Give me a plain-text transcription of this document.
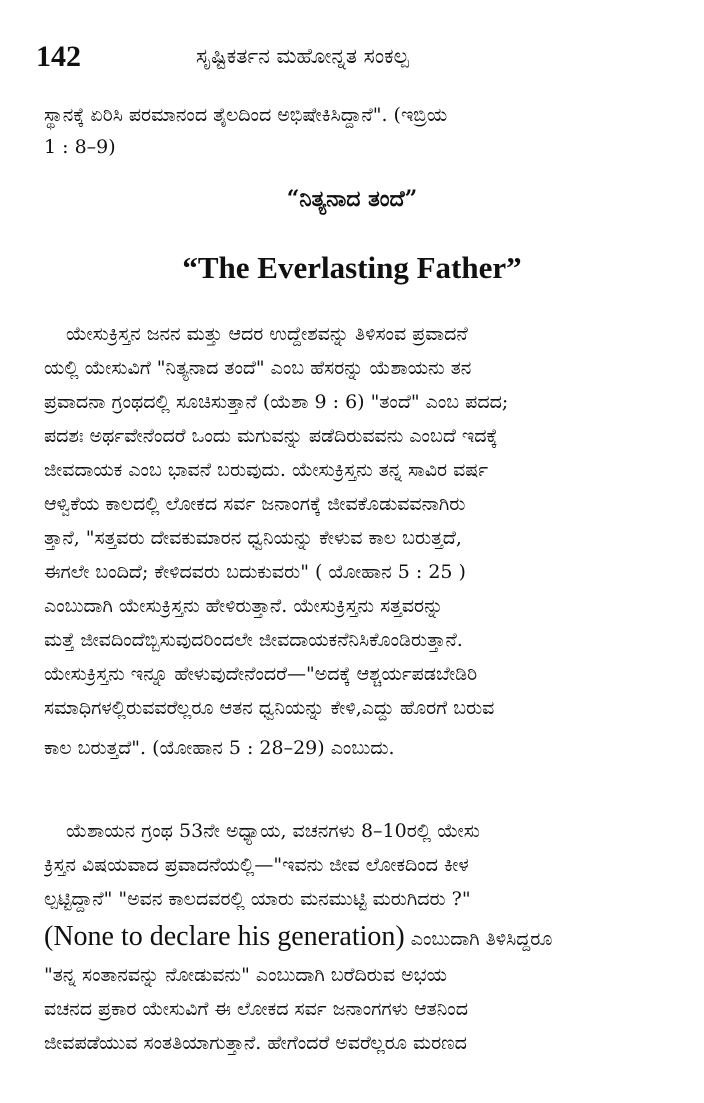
142	ಸೃಷ್ಟಿಕರ್ತನ ಮಹೋನ್ನತ ಸಂಕಲ್ಪ
ಸ್ಥಾನಕ್ಕೆ ಏರಿಸಿ ಪರಮಾನಂದ ತೈಲದಿಂದ ಅಭಿಷೇಕಿಸಿದ್ದಾನೆ". (ಇಬ್ರಿಯ
1 : 8–9)
“ನಿತ್ಯನಾದ ತಂದೆ”
“The Everlasting Father”
ಯೇಸುಕ್ರಿಸ್ತನ ಜನನ ಮತ್ತು ಆದರ ಉದ್ದೇಶವನ್ನು ತಿಳಿಸಂವ ಪ್ರವಾದನೆ
ಯಲ್ಲಿ ಯೇಸುವಿಗೆ "ನಿತ್ಯನಾದ ತಂದೆ" ಎಂಬ ಹೆಸರನ್ನು ಯೆಶಾಯನು ತನ
ಪ್ರವಾದನಾ ಗ್ರಂಥದಲ್ಲಿ ಸೂಚಿಸುತ್ತಾನೆ (ಯೆಶಾ 9 : 6) "ತಂದೆ" ಎಂಬ ಪದದ;
ಪದಶಃ ಅರ್ಥವೇನೆಂದರೆ ಒಂದು ಮಗುವನ್ನು ಪಡೆದಿರುವವನು ಎಂಬದೆ ಇದಕ್ಕೆ
ಜೀವದಾಯಕ ಎಂಬ ಭಾವನೆ ಬರುವುದು. ಯೇಸುಕ್ರಿಸ್ತನು ತನ್ನ ಸಾವಿರ ವರ್ಷ
ಆಳ್ವಿಕೆಯ ಕಾಲದಲ್ಲಿ ಲೋಕದ ಸರ್ವ ಜನಾಂಗಕ್ಕೆ ಜೀವಕೊಡುವವನಾಗಿರು
ತ್ತಾನೆ, "ಸತ್ತವರು ದೇವಕುಮಾರನ ಧ್ವನಿಯನ್ನು ಕೇಳುವ ಕಾಲ ಬರುತ್ತದೆ,
ಈಗಲೇ ಬಂದಿದೆ; ಕೇಳಿದವರು ಬದುಕುವರು" ( ಯೋಹಾನ 5 : 25 )
ಎಂಬುದಾಗಿ ಯೇಸುಕ್ರಿಸ್ತನು ಹೇಳಿರುತ್ತಾನೆ. ಯೇಸುಕ್ರಿಸ್ತನು ಸತ್ತವರನ್ನು
ಮತ್ತೆ ಜೀವದಿಂದೆಬ್ಬಿಸುವುದರಿಂದಲೇ ಜೀವದಾಯಕನೆನಿಸಿಕೊಂಡಿರುತ್ತಾನೆ.
ಯೇಸುಕ್ರಿಸ್ತನು ಇನ್ನೂ ಹೇಳುವುದೇನೆಂದರೆ—"ಅದಕ್ಕೆ ಆಶ್ಚರ್ಯಪಡಬೇಡಿರಿ
ಸಮಾಧಿಗಳಲ್ಲಿರುವವರೆಲ್ಲರೂ ಆತನ ಧ್ವನಿಯನ್ನು ಕೇಳಿ,ಎದ್ದು ಹೊರಗೆ ಬರುವ
ಕಾಲ ಬರುತ್ತದೆ". (ಯೋಹಾನ 5 : 28–29) ಎಂಬುದು.
ಯೆಶಾಯನ ಗ್ರಂಥ 53ನೇ ಅಧ್ಯಾಯ, ವಚನಗಳು 8–10ರಲ್ಲಿ ಯೇಸು
ಕ್ರಿಸ್ತನ ವಿಷಯವಾದ ಪ್ರವಾದನೆಯಲ್ಲಿ—"ಇವನು ಜೀವ ಲೋಕದಿಂದ ಕೀಳ
ಲ್ಪಟ್ಟಿದ್ದಾನೆ" "ಅವನ ಕಾಲದವರಲ್ಲಿ ಯಾರು ಮನಮುಟ್ಟಿ ಮರುಗಿದರು ?"
(None to declare his generation) ಎಂಬುದಾಗಿ ತಿಳಿಸಿದ್ದರೂ
"ತನ್ನ ಸಂತಾನವನ್ನು ನೋಡುವನು" ಎಂಬುದಾಗಿ ಬರೆದಿರುವ ಅಭಯ
ವಚನದ ಪ್ರಕಾರ ಯೇಸುವಿಗೆ ಈ ಲೋಕದ ಸರ್ವ ಜನಾಂಗಗಳು ಆತನಿಂದ
ಜೀವಪಡೆಯುವ ಸಂತತಿಯಾಗುತ್ತಾನೆ. ಹೇಗೆಂದರೆ ಅವರೆಲ್ಲರೂ ಮರಣದ
